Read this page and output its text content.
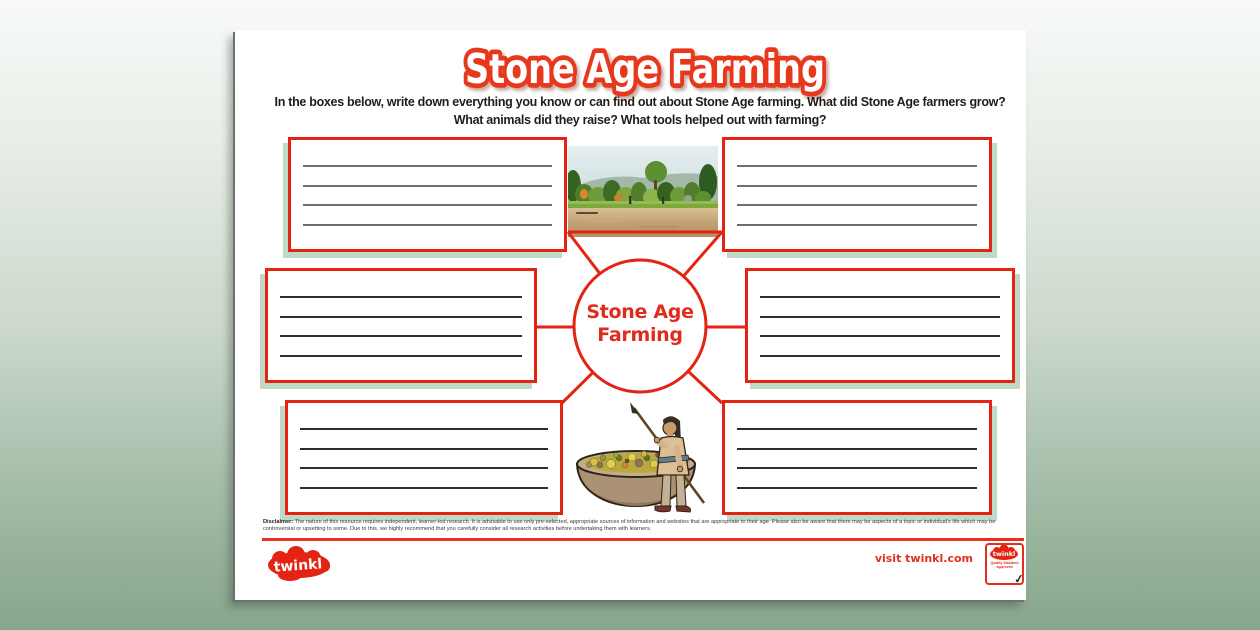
Stone Age Farming
In the boxes below, write down everything you know or can find out about Stone Age farming. What did Stone Age farmers grow?
What animals did they raise? What tools helped out with farming?
Stone Age
Farming
Disclaimer: The nature of this resource requires independent, learner-led research. It is advisable to use only pre-selected, appropriate sources of information and websites that are appropriate to their age. Please also be aware that there may be aspects of a topic or individual's life which may be controversial or upsetting to some. Due to this, we highly recommend that you carefully consider all research activities before undertaking them with learners.
twinkl	visit twinkl.com	twinkl
Quality Standard
Approved
✓
